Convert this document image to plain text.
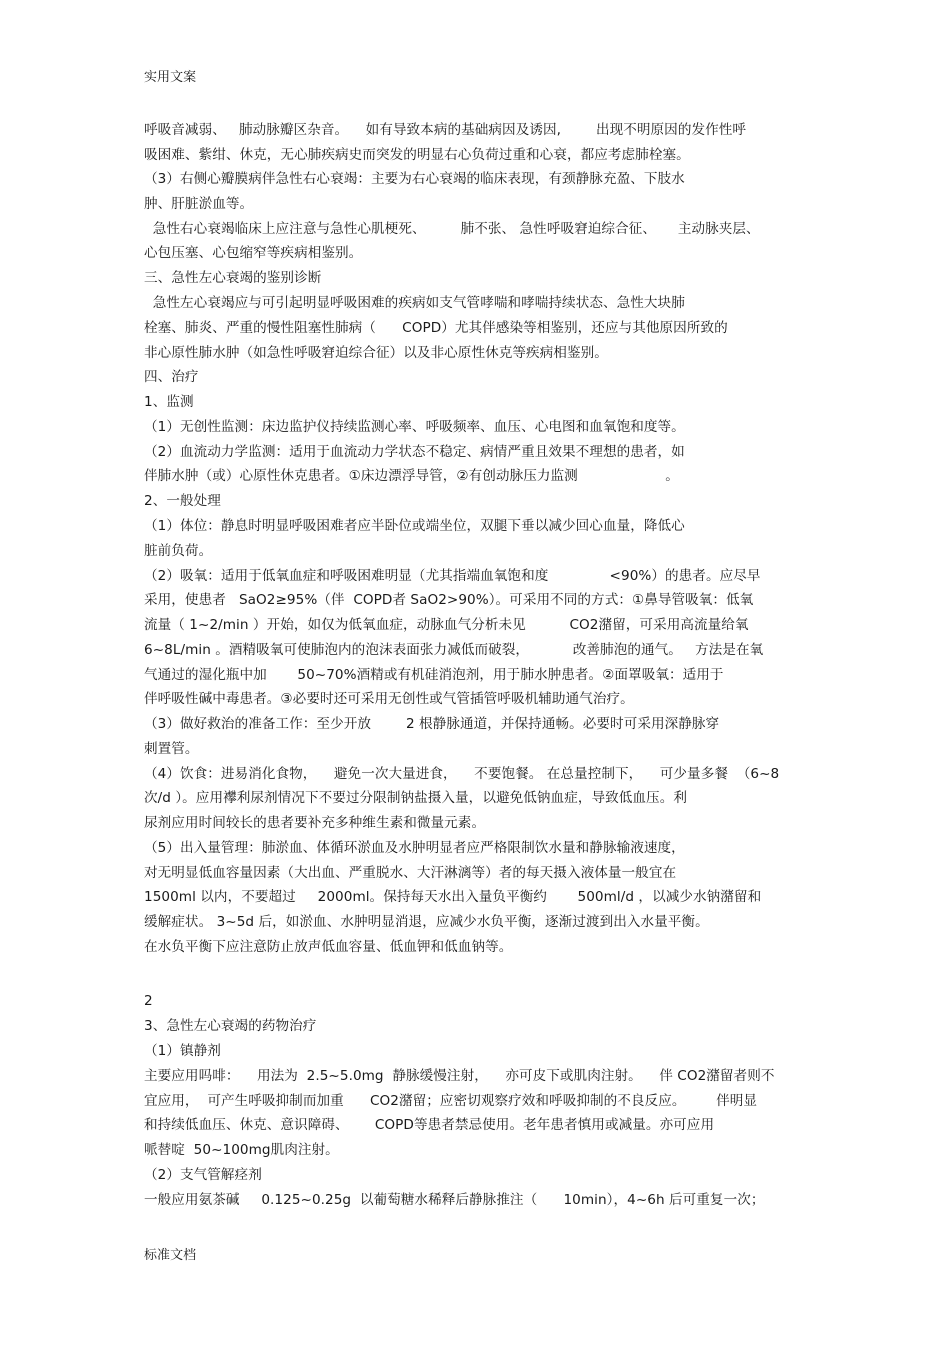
实用文案
呼吸音减弱、   肺动脉瓣区杂音。    如有导致本病的基础病因及诱因,        出现不明原因的发作性呼
吸困难、紫绀、休克，无心肺疾病史而突发的明显右心负荷过重和心衰，都应考虑肺栓塞。
（3）右侧心瓣膜病伴急性右心衰竭：主要为右心衰竭的临床表现，有颈静脉充盈、下肢水
肿、肝脏淤血等。
急性右心衰竭临床上应注意与急性心肌梗死、        肺不张、 急性呼吸窘迫综合征、     主动脉夹层、
心包压塞、心包缩窄等疾病相鉴别。
三、急性左心衰竭的鉴别诊断
急性左心衰竭应与可引起明显呼吸困难的疾病如支气管哮喘和哮喘持续状态、急性大块肺
栓塞、肺炎、严重的慢性阻塞性肺病（      COPD）尤其伴感染等相鉴别，还应与其他原因所致的
非心原性肺水肿（如急性呼吸窘迫综合征）以及非心原性休克等疾病相鉴别。
四、治疗
1、监测
（1）无创性监测：床边监护仪持续监测心率、呼吸频率、血压、心电图和血氧饱和度等。
（2）血流动力学监测：适用于血流动力学状态不稳定、病情严重且效果不理想的患者，如
伴肺水肿（或）心原性休克患者。①床边漂浮导管，②有创动脉压力监测                    。
2、一般处理
（1）体位：静息时明显呼吸困难者应半卧位或端坐位，双腿下垂以减少回心血量，降低心
脏前负荷。
（2）吸氧：适用于低氧血症和呼吸困难明显（尤其指端血氧饱和度              <90%）的患者。应尽早
采用，使患者   SaO2≥95%（伴  COPD者 SaO2>90%）。可采用不同的方式：①鼻导管吸氧：低氧
流量（ 1~2/min ）开始，如仅为低氧血症，动脉血气分析未见          CO2潴留，可采用高流量给氧
6~8L/min 。酒精吸氧可使肺泡内的泡沫表面张力减低而破裂，          改善肺泡的通气。   方法是在氧
气通过的湿化瓶中加       50~70%酒精或有机硅消泡剂，用于肺水肿患者。②面罩吸氧：适用于
伴呼吸性碱中毒患者。③必要时还可采用无创性或气管插管呼吸机辅助通气治疗。
（3）做好救治的准备工作：至少开放        2 根静脉通道，并保持通畅。必要时可采用深静脉穿
刺置管。
（4）饮食：进易消化食物，    避免一次大量进食，    不要饱餐。 在总量控制下，    可少量多餐  （6~8
次/d ）。应用襻利尿剂情况下不要过分限制钠盐摄入量，以避免低钠血症，导致低血压。利
尿剂应用时间较长的患者要补充多种维生素和微量元素。
（5）出入量管理：肺淤血、体循环淤血及水肿明显者应严格限制饮水量和静脉输液速度，
对无明显低血容量因素（大出血、严重脱水、大汗淋漓等）者的每天摄入液体量一般宜在
1500ml 以内，不要超过     2000ml。保持每天水出入量负平衡约       500ml/d ，以减少水钠潴留和
缓解症状。 3~5d 后，如淤血、水肿明显消退，应减少水负平衡，逐渐过渡到出入水量平衡。
在水负平衡下应注意防止放声低血容量、低血钾和低血钠等。
2
3、急性左心衰竭的药物治疗
（1）镇静剂
主要应用吗啡：    用法为  2.5~5.0mg  静脉缓慢注射，    亦可皮下或肌肉注射。    伴 CO2潴留者则不
宜应用，  可产生呼吸抑制而加重      CO2潴留；应密切观察疗效和呼吸抑制的不良反应。       伴明显
和持续低血压、休克、意识障碍、      COPD等患者禁忌使用。老年患者慎用或减量。亦可应用
哌替啶  50~100mg肌肉注射。
（2）支气管解痉剂
一般应用氨茶碱     0.125~0.25g  以葡萄糖水稀释后静脉推注（      10min），4~6h 后可重复一次；
标准文档
